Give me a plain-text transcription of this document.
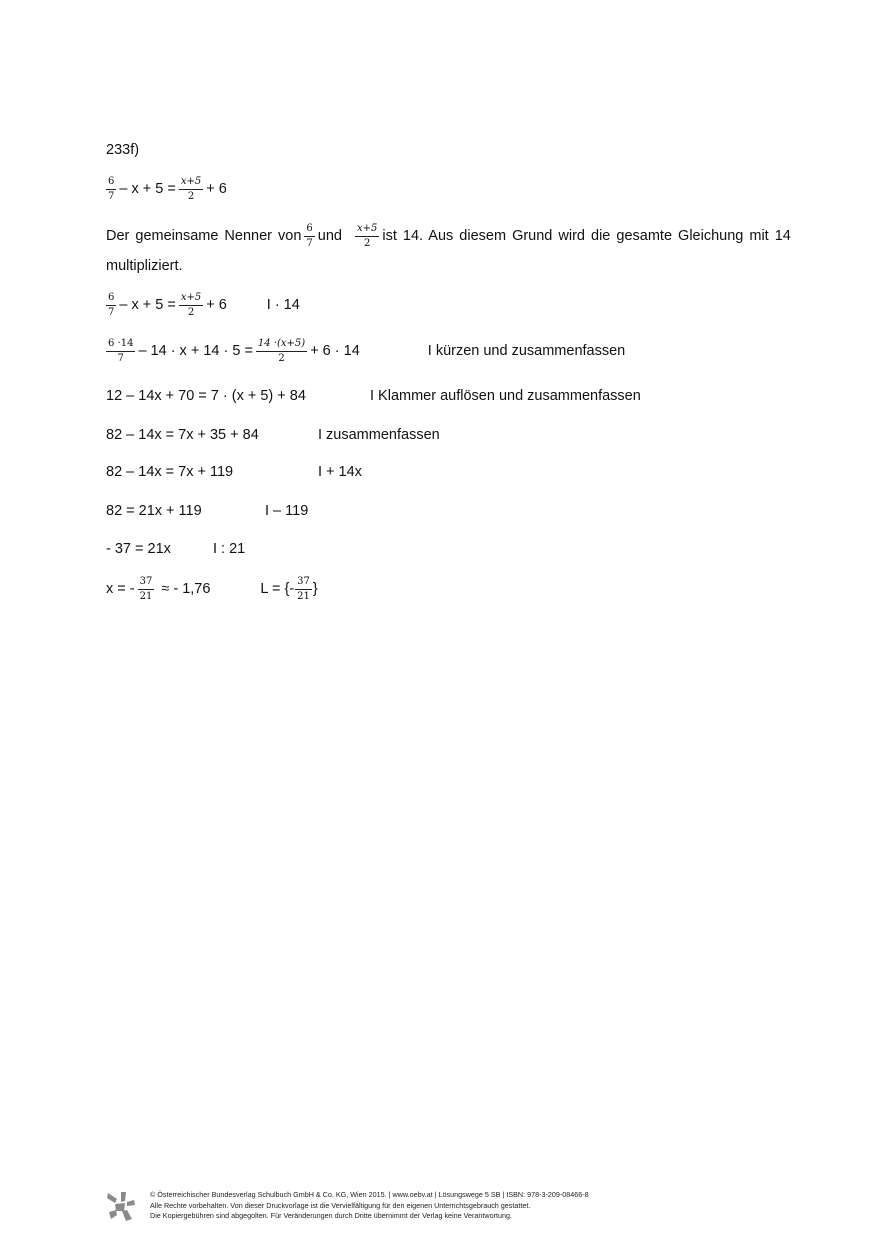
233f)
$\frac{6}{7} - x + 5 = \frac{x+5}{2} + 6$
Der gemeinsame Nenner von $\frac{6}{7}$ und $\frac{x+5}{2}$ ist 14. Aus diesem Grund wird die gesamte Gleichung mit 14
multipliziert.
$\frac{6}{7} - x + 5 = \frac{x+5}{2} + 6$	I · 14
$\frac{6 \cdot 14}{7} - 14 \cdot x + 14 \cdot 5 = \frac{14 \cdot(x+5)}{2} + 6 \cdot 14$	I kürzen und zusammenfassen
12 – 14x + 70 = 7 · (x + 5) + 84	I Klammer auflösen und zusammenfassen
82 – 14x = 7x + 35 + 84	I zusammenfassen
82 – 14x = 7x + 119	I + 14x
82 = 21x + 119	I – 119
- 37 = 21x	I : 21
x = - $\frac{37}{21}$ ≈ - 1,76	L = {- $\frac{37}{21}$ }
© Österreichischer Bundesverlag Schulbuch GmbH & Co. KG, Wien 2015. | www.oebv.at | Lösungswege 5 SB | ISBN: 978-3-209-08466-8
Alle Rechte vorbehalten. Von dieser Druckvorlage ist die Vervielfältigung für den eigenen Unterrichtsgebrauch gestattet.
Die Kopiergebühren sind abgegolten. Für Veränderungen durch Dritte übernimmt der Verlag keine Verantwortung.
